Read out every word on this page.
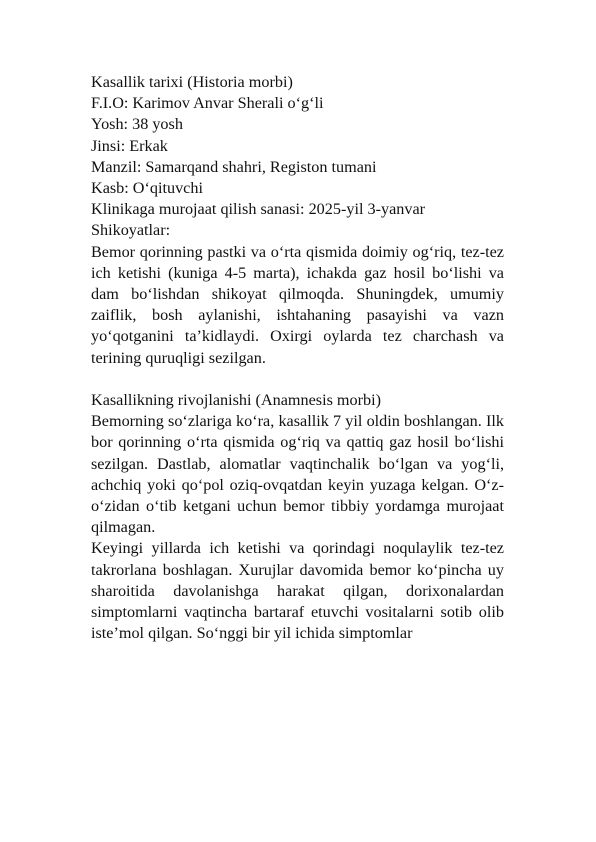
Kasallik tarixi (Historia morbi)
F.I.O: Karimov Anvar Sherali o‘g‘li
Yosh: 38 yosh
Jinsi: Erkak
Manzil: Samarqand shahri, Registon tumani
Kasb: O‘qituvchi
Klinikaga murojaat qilish sanasi: 2025-yil 3-yanvar
Shikoyatlar:
Bemor qorinning pastki va o‘rta qismida doimiy og‘riq, tez-tez ich ketishi (kuniga 4-5 marta), ichakda gaz hosil bo‘lishi va dam bo‘lishdan shikoyat qilmoqda. Shuningdek, umumiy zaiflik, bosh aylanishi, ishtahaning pasayishi va vazn yo‘qotganini ta’kidlaydi. Oxirgi oylarda tez charchash va terining quruqligi sezilgan.
Kasallikning rivojlanishi (Anamnesis morbi)
Bemorning so‘zlariga ko‘ra, kasallik 7 yil oldin boshlangan. Ilk bor qorinning o‘rta qismida og‘riq va qattiq gaz hosil bo‘lishi sezilgan. Dastlab, alomatlar vaqtinchalik bo‘lgan va yog‘li, achchiq yoki qo‘pol oziq-ovqatdan keyin yuzaga kelgan. O‘z-o‘zidan o‘tib ketgani uchun bemor tibbiy yordamga murojaat qilmagan.
Keyingi yillarda ich ketishi va qorindagi noqulaylik tez-tez takrorlana boshlagan. Xurujlar davomida bemor ko‘pincha uy sharoitida davolanishga harakat qilgan, dorixonalardan simptomlarni vaqtincha bartaraf etuvchi vositalarni sotib olib iste’mol qilgan. So‘nggi bir yil ichida simptomlar
